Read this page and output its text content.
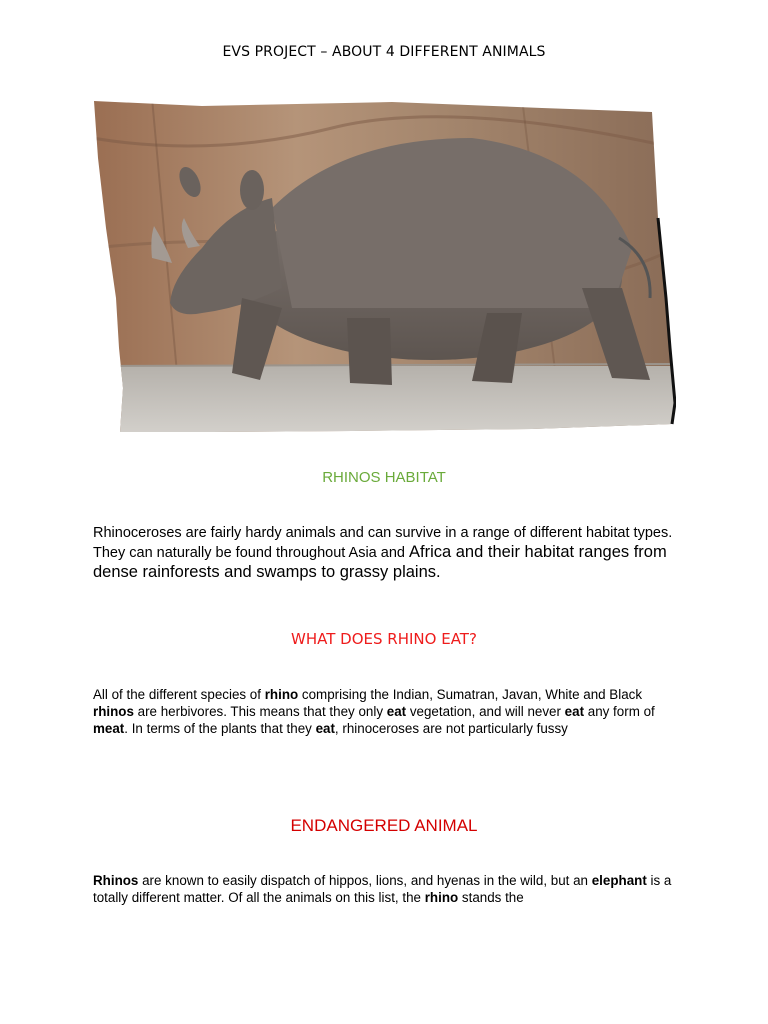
EVS PROJECT – ABOUT 4 DIFFERENT ANIMALS
RHINOS HABITAT
Rhinoceroses are fairly hardy animals and can survive in a range of different habitat types. They can naturally be found throughout Asia and Africa and their habitat ranges from dense rainforests and swamps to grassy plains.
WHAT DOES RHINO EAT?
All of the different species of rhino comprising the Indian, Sumatran, Javan, White and Black rhinos are herbivores. This means that they only eat vegetation, and will never eat any form of meat. In terms of the plants that they eat, rhinoceroses are not particularly fussy
ENDANGERED ANIMAL
Rhinos are known to easily dispatch of hippos, lions, and hyenas in the wild, but an elephant is a totally different matter. Of all the animals on this list, the rhino stands the
